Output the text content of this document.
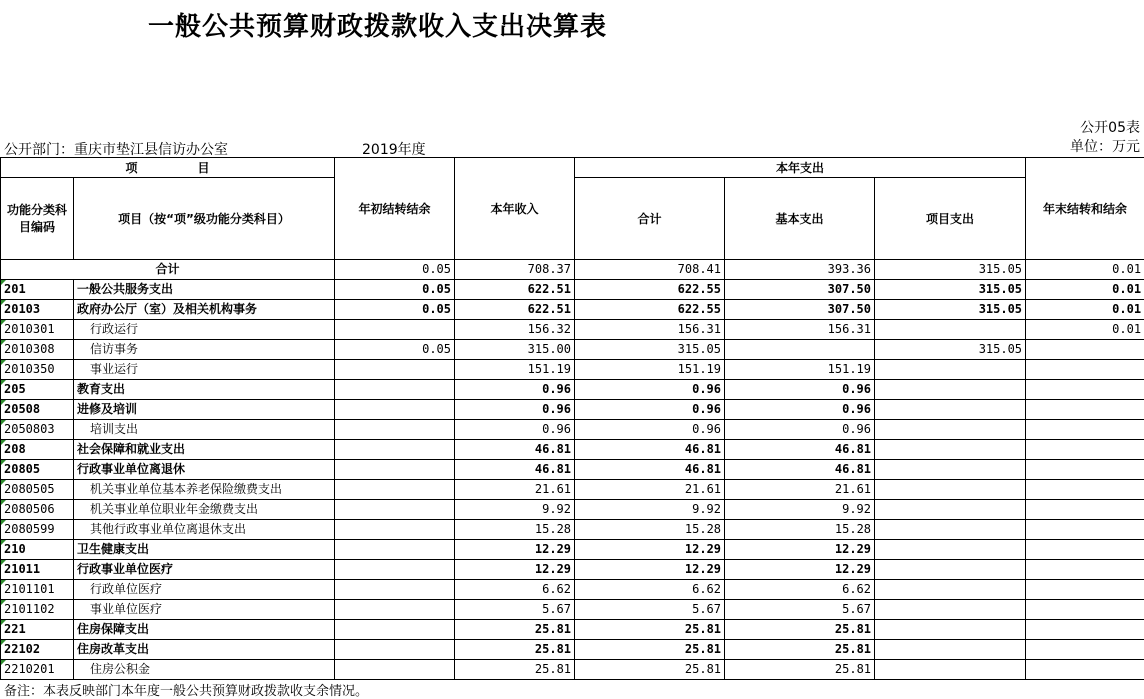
一般公共预算财政拨款收入支出决算表
公开05表
单位：万元
公开部门：重庆市垫江县信访办公室	2019年度
项　　　　　目		年初结转结余	本年收入	本年支出			年末结转和结余
功能分类科目编码	项目（按“项”级功能分类科目）			合计	基本支出	项目支出	
合计		0.05	708.37	708.41	393.36	315.05	0.01
201	一般公共服务支出	0.05	622.51	622.55	307.50	315.05	0.01
20103	政府办公厅（室）及相关机构事务	0.05	622.51	622.55	307.50	315.05	0.01
2010301	行政运行		156.32	156.31	156.31		0.01
2010308	信访事务	0.05	315.00	315.05		315.05	
2010350	事业运行		151.19	151.19	151.19		
205	教育支出		0.96	0.96	0.96		
20508	进修及培训		0.96	0.96	0.96		
2050803	培训支出		0.96	0.96	0.96		
208	社会保障和就业支出		46.81	46.81	46.81		
20805	行政事业单位离退休		46.81	46.81	46.81		
2080505	机关事业单位基本养老保险缴费支出		21.61	21.61	21.61		
2080506	机关事业单位职业年金缴费支出		9.92	9.92	9.92		
2080599	其他行政事业单位离退休支出		15.28	15.28	15.28		
210	卫生健康支出		12.29	12.29	12.29		
21011	行政事业单位医疗		12.29	12.29	12.29		
2101101	行政单位医疗		6.62	6.62	6.62		
2101102	事业单位医疗		5.67	5.67	5.67		
221	住房保障支出		25.81	25.81	25.81		
22102	住房改革支出		25.81	25.81	25.81		
2210201	住房公积金		25.81	25.81	25.81		
备注：本表反映部门本年度一般公共预算财政拨款收支余情况。
